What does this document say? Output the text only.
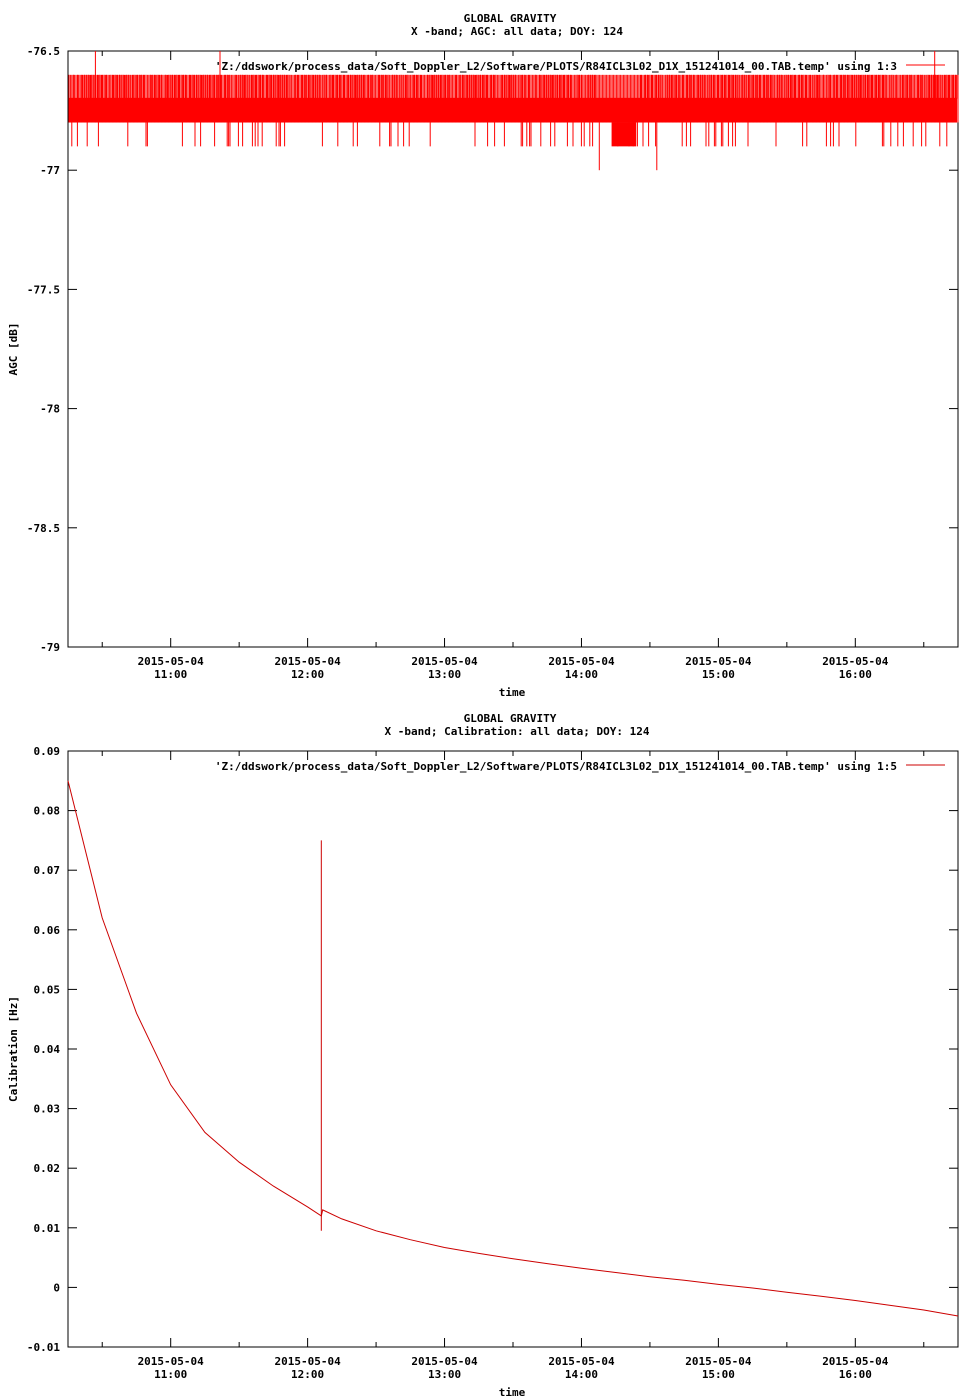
GLOBAL GRAVITY
X -band; AGC: all data; DOY: 124
-76.5
-77
-77.5
-78
-78.5
-79
2015-05-04
11:00
2015-05-04
12:00
2015-05-04
13:00
2015-05-04
14:00
2015-05-04
15:00
2015-05-04
16:00
time
AGC [dB]
'Z:/ddswork/process_data/Soft_Doppler_L2/Software/PLOTS/R84ICL3L02_D1X_151241014_00.TAB.temp' using 1:3
GLOBAL GRAVITY
X -band; Calibration: all data; DOY: 124
0.09
0.08
0.07
0.06
0.05
0.04
0.03
0.02
0.01
0
-0.01
2015-05-04
11:00
2015-05-04
12:00
2015-05-04
13:00
2015-05-04
14:00
2015-05-04
15:00
2015-05-04
16:00
time
Calibration [Hz]
'Z:/ddswork/process_data/Soft_Doppler_L2/Software/PLOTS/R84ICL3L02_D1X_151241014_00.TAB.temp' using 1:5
